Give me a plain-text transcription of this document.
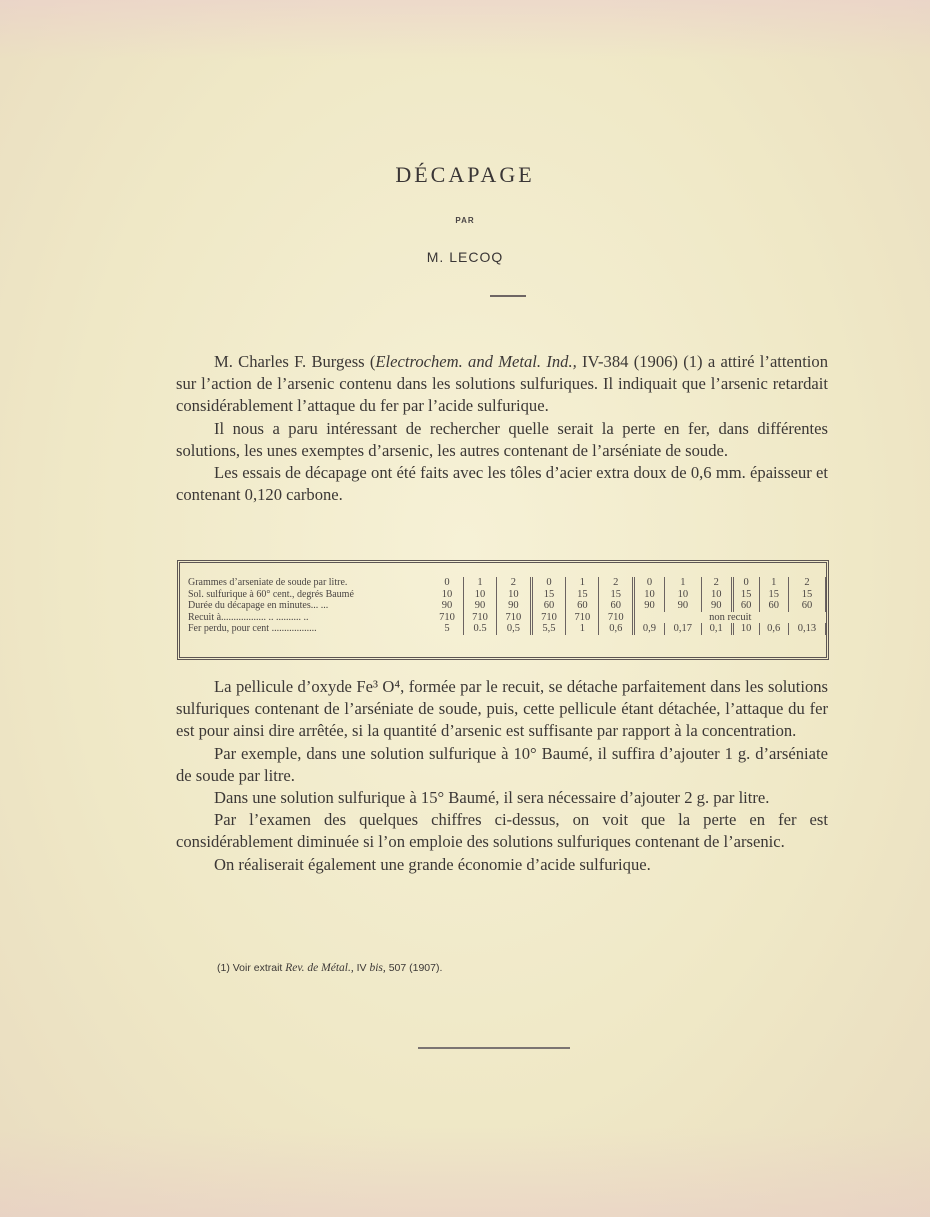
DÉCAPAGE
PAR
M. LECOQ

M. Charles F. Burgess (Electrochem. and Metal. Ind., IV-384 (1906) (1) a attiré l’attention sur l’action de l’arsenic contenu dans les solutions sulfuriques. Il indiquait que l’arsenic retardait considérablement l’attaque du fer par l’acide sulfurique.

Il nous a paru intéressant de rechercher quelle serait la perte en fer, dans différentes solutions, les unes exemptes d’arsenic, les autres contenant de l’arséniate de soude.

Les essais de décapage ont été faits avec les tôles d’acier extra doux de 0,6 mm. épaisseur et contenant 0,120 carbone.

Grammes d’arseniate de soude par litre.	0	1	2	0	1	2	0	1	2	0	1	2
Sol. sulfurique à 60° cent., degrés Baumé	10	10	10	15	15	15	10	10	10	15	15	15
Durée du décapage en minutes... ...	90	90	90	60	60	60	90	90	90	60	60	60
Recuit à.................. .. .......... ..	710	710	710	710	710	710	non recuit					
Fer perdu, pour cent ..................	5	0.5	0,5	5,5	1	0,6	0,9	0,17	0,1	10	0,6	0,13

La pellicule d’oxyde Fe³ O⁴, formée par le recuit, se détache parfaitement dans les solutions sulfuriques contenant de l’arséniate de soude, puis, cette pellicule étant détachée, l’attaque du fer est pour ainsi dire arrêtée, si la quantité d’arsenic est suffisante par rapport à la concentration.

Par exemple, dans une solution sulfurique à 10° Baumé, il suffira d’ajouter 1 g. d’arséniate de soude par litre.

Dans une solution sulfurique à 15° Baumé, il sera nécessaire d’ajouter 2 g. par litre.

Par l’examen des quelques chiffres ci-dessus, on voit que la perte en fer est considérablement diminuée si l’on emploie des solutions sulfuriques contenant de l’arsenic.

On réaliserait également une grande économie d’acide sulfurique.

(1) Voir extrait Rev. de Métal., IV bis, 507 (1907).
